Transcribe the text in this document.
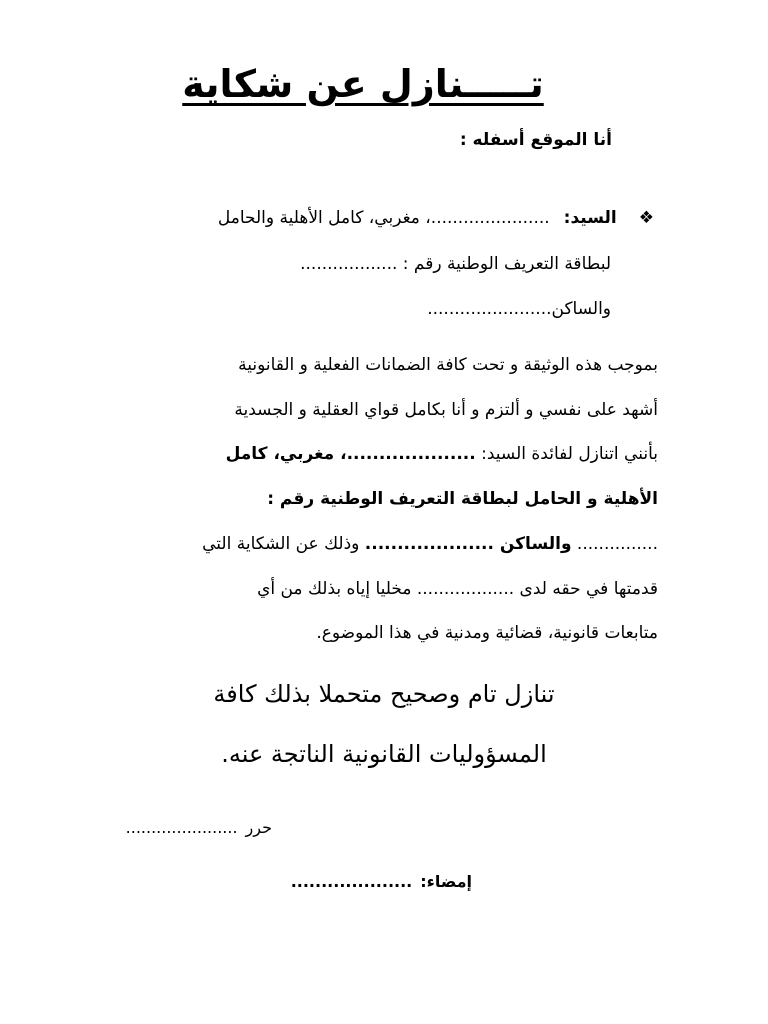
تـــــنازل عن شكاية
أنا الموقع أسفله :
❖السيد:......................، مغربي، كامل الأهلية والحامل
لبطاقة التعريف الوطنية رقم : ..................
والساكن.......................
بموجب هذه الوثيقة و تحت كافة الضمانات الفعلية و القانونية
أشهد على نفسي و ألتزم و أنا بكامل قواي العقلية و الجسدية
بأنني اتنازل لفائدة السيد: ....................، مغربي، كامل
الأهلية و الحامل لبطاقة التعريف الوطنية رقم :
............... والساكن .................... وذلك عن الشكاية التي
قدمتها في حقه لدى .................. مخليا إياه بذلك من أي
متابعات قانونية، قضائية ومدنية في هذا الموضوع.
تنازل تام وصحيح متحملا بذلك كافة
المسؤوليات القانونية الناتجة عنه.
حرر......................
إمضاء:....................
